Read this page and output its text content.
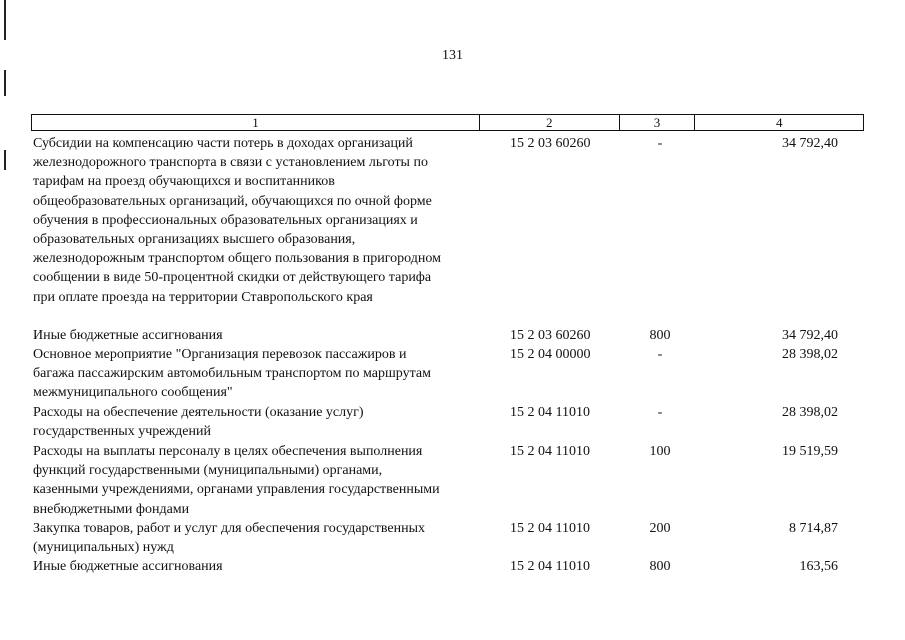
131
1	2	3	4
Субсидии на компенсацию части потерь в доходах организаций
железнодорожного транспорта в связи с установлением льготы по
тарифам на проезд обучающихся и воспитанников
общеобразовательных организаций, обучающихся по очной форме
обучения в профессиональных образовательных организациях и
образовательных организациях высшего образования,
железнодорожным транспортом общего пользования в пригородном
сообщении в виде 50-процентной скидки от действующего тарифа
при оплате проезда на территории Ставропольского края
15 2 03 60260	-	34 792,40
Иные бюджетные ассигнования	15 2 03 60260	800	34 792,40
Основное мероприятие "Организация перевозок пассажиров и
багажа пассажирским автомобильным транспортом по маршрутам
межмуниципального сообщения"
15 2 04 00000	-	28 398,02
Расходы на обеспечение деятельности (оказание услуг)
государственных учреждений
15 2 04 11010	-	28 398,02
Расходы на выплаты персоналу в целях обеспечения выполнения
функций государственными (муниципальными) органами,
казенными учреждениями, органами управления государственными
внебюджетными фондами
15 2 04 11010	100	19 519,59
Закупка товаров, работ и услуг для обеспечения государственных
(муниципальных) нужд
15 2 04 11010	200	8 714,87
Иные бюджетные ассигнования	15 2 04 11010	800	163,56
